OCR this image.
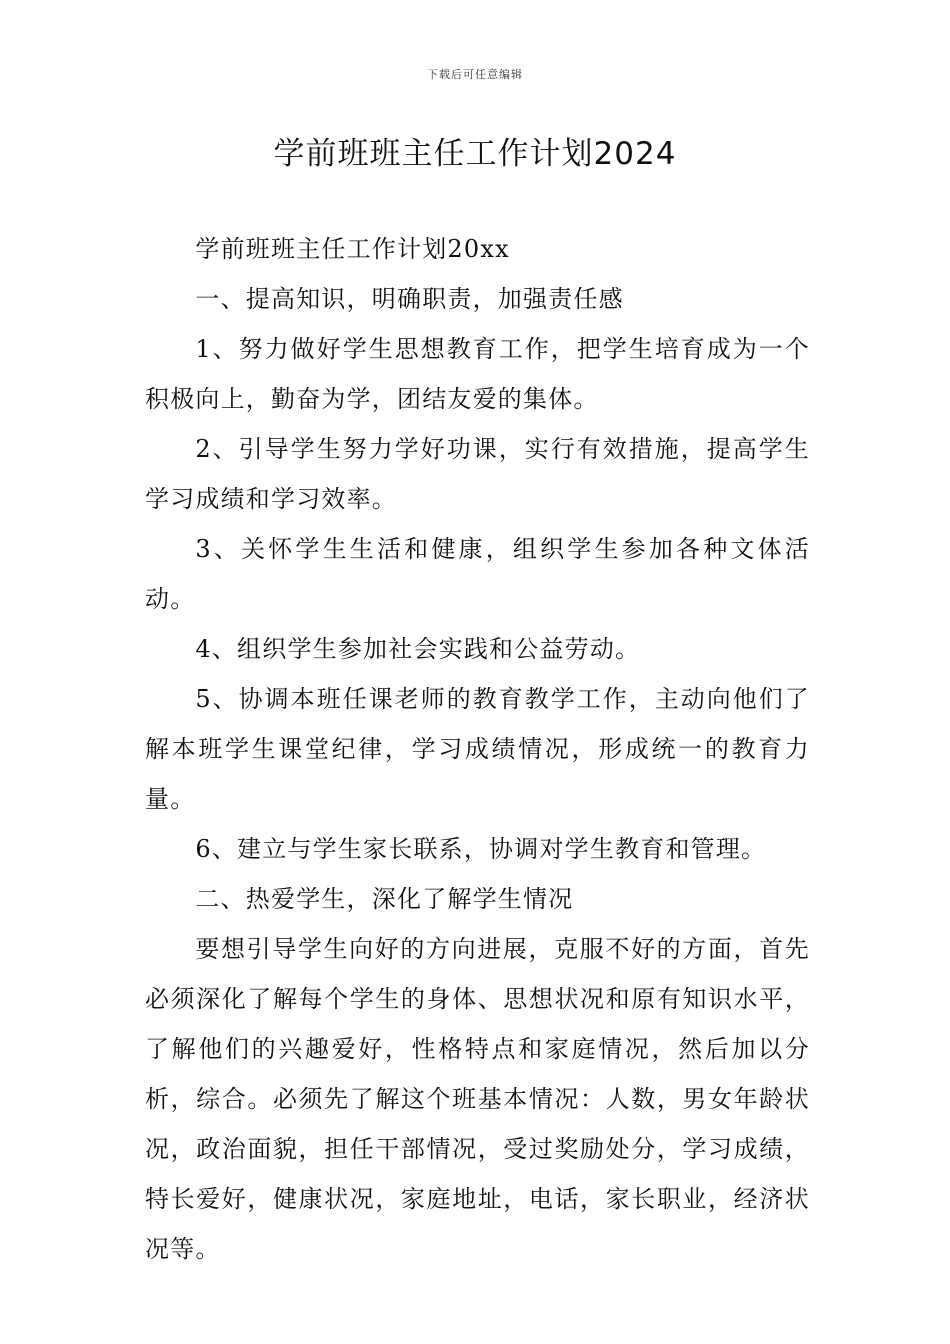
下载后可任意编辑
学前班班主任工作计划2024

学前班班主任工作计划20xx

一、提高知识，明确职责，加强责任感

1、努力做好学生思想教育工作，把学生培育成为一个积极向上，勤奋为学，团结友爱的集体。

2、引导学生努力学好功课，实行有效措施，提高学生学习成绩和学习效率。

3、关怀学生生活和健康，组织学生参加各种文体活动。

4、组织学生参加社会实践和公益劳动。

5、协调本班任课老师的教育教学工作，主动向他们了解本班学生课堂纪律，学习成绩情况，形成统一的教育力量。

6、建立与学生家长联系，协调对学生教育和管理。

二、热爱学生，深化了解学生情况

要想引导学生向好的方向进展，克服不好的方面，首先必须深化了解每个学生的身体、思想状况和原有知识水平，了解他们的兴趣爱好，性格特点和家庭情况，然后加以分析，综合。必须先了解这个班基本情况：人数，男女年龄状况，政治面貌，担任干部情况，受过奖励处分，学习成绩，特长爱好，健康状况，家庭地址，电话，家长职业，经济状况等。
